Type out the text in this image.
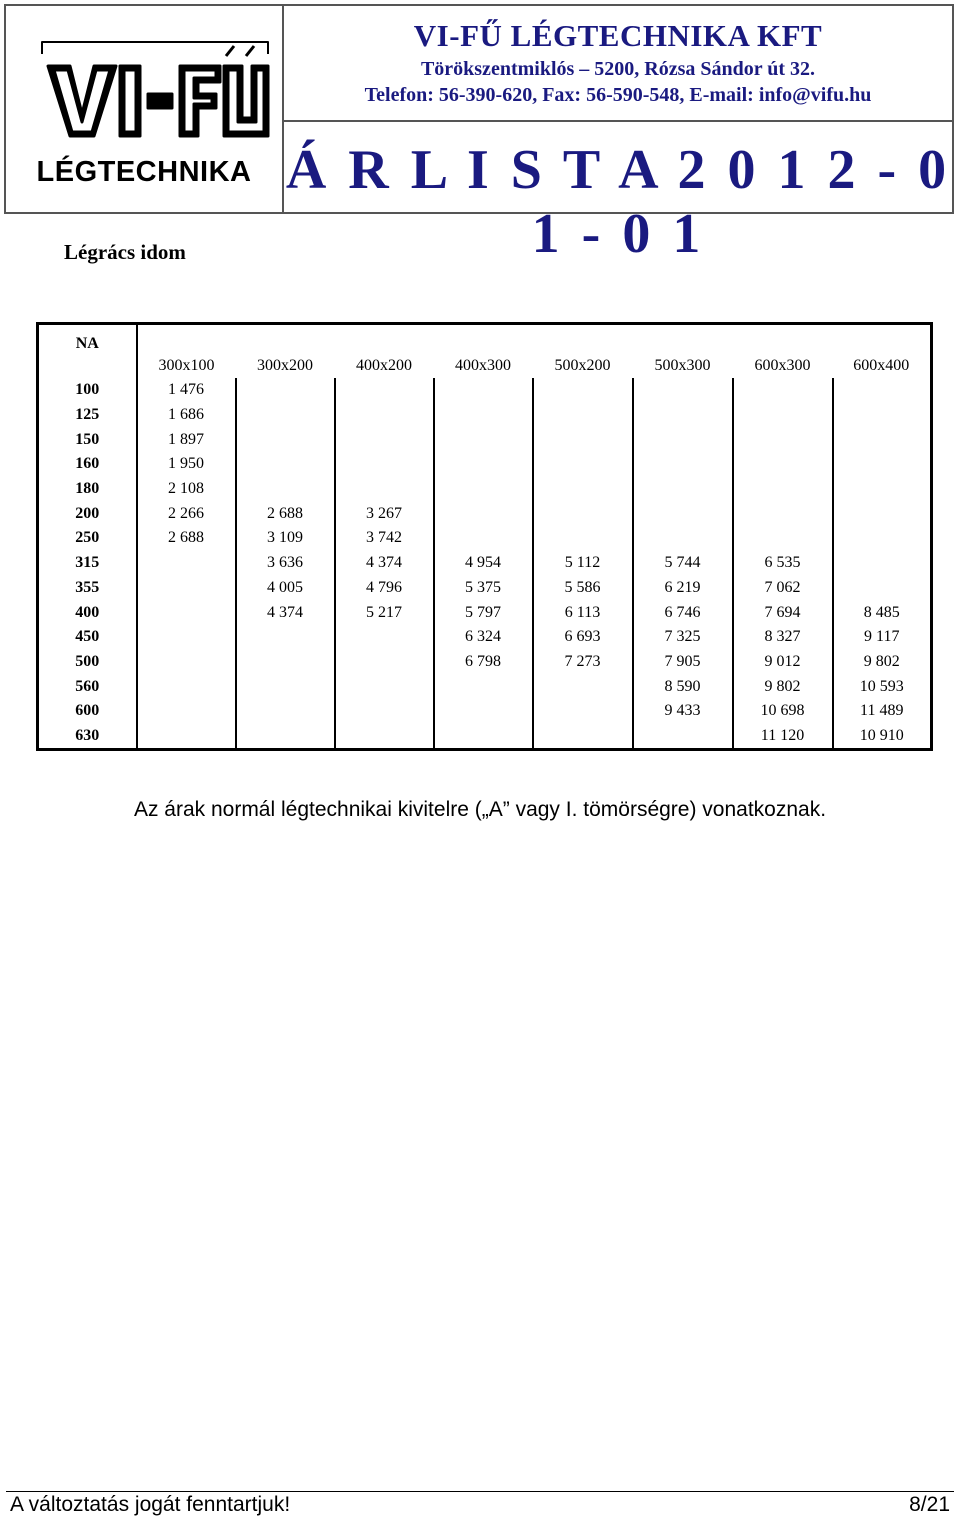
LÉGTECHNIKA
VI-FŰ LÉGTECHNIKA KFT
Törökszentmiklós – 5200, Rózsa Sándor út 32.
Telefon: 56-390-620, Fax: 56-590-548, E-mail: info@vifu.hu
Á R L I S T A 2 0 1 2 - 0 1 - 0 1
Légrács idom
NA	300x100	300x200	400x200	400x300	500x200	500x300	600x300	600x400
100	1 476							
125	1 686							
150	1 897							
160	1 950							
180	2 108							
200	2 266	2 688	3 267					
250	2 688	3 109	3 742					
315		3 636	4 374	4 954	5 112	5 744	6 535	
355		4 005	4 796	5 375	5 586	6 219	7 062	
400		4 374	5 217	5 797	6 113	6 746	7 694	8 485
450				6 324	6 693	7 325	8 327	9 117
500				6 798	7 273	7 905	9 012	9 802
560						8 590	9 802	10 593
600						9 433	10 698	11 489
630							11 120	10 910
Az árak normál légtechnikai kivitelre („A” vagy I. tömörségre) vonatkoznak.
A változtatás jogát fenntartjuk!	8/21
